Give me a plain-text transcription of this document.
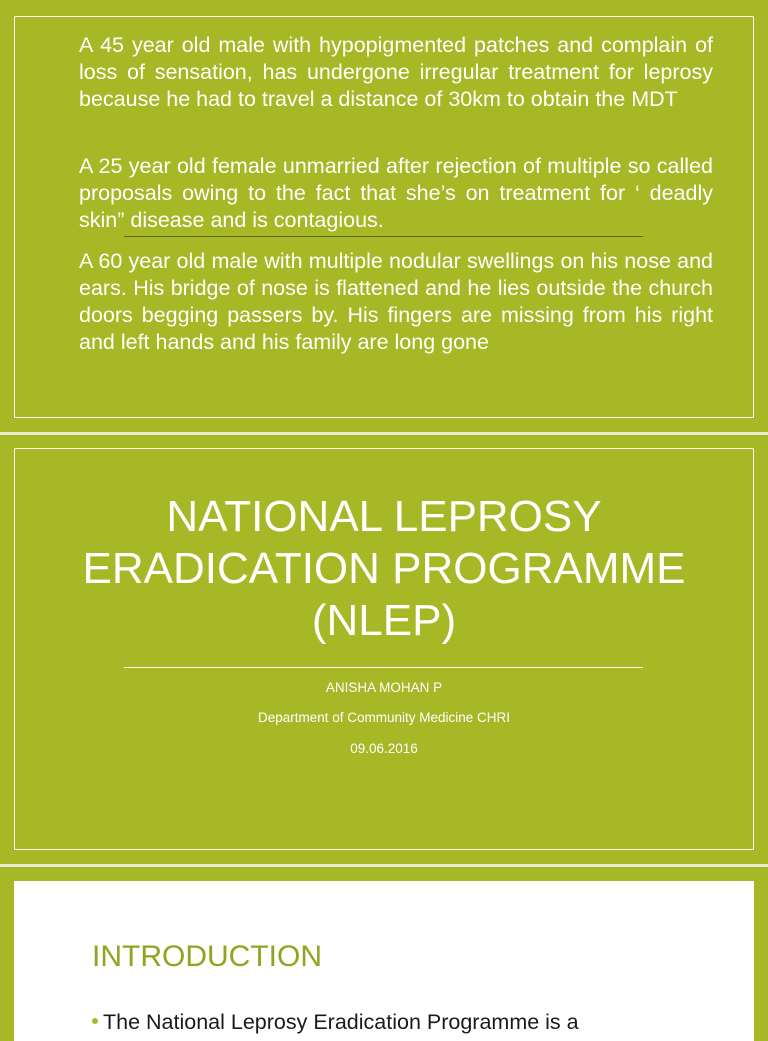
A 45 year old male with hypopigmented patches and complain of loss of sensation, has undergone irregular treatment for leprosy because he had to travel a distance of 30km to obtain the MDT

A 25 year old female unmarried after rejection of multiple so called proposals owing to the fact that she’s on treatment for ‘ deadly skin” disease and is contagious.

A 60 year old male with multiple nodular swellings on his nose and ears. His bridge of nose is flattened and he lies outside the church doors begging passers by. His fingers are missing from his right and left hands and his family are long gone

NATIONAL LEPROSY ERADICATION PROGRAMME (NLEP)

ANISHA MOHAN P

Department of Community Medicine CHRI

09.06.2016

INTRODUCTION

The National Leprosy Eradication Programme is a
